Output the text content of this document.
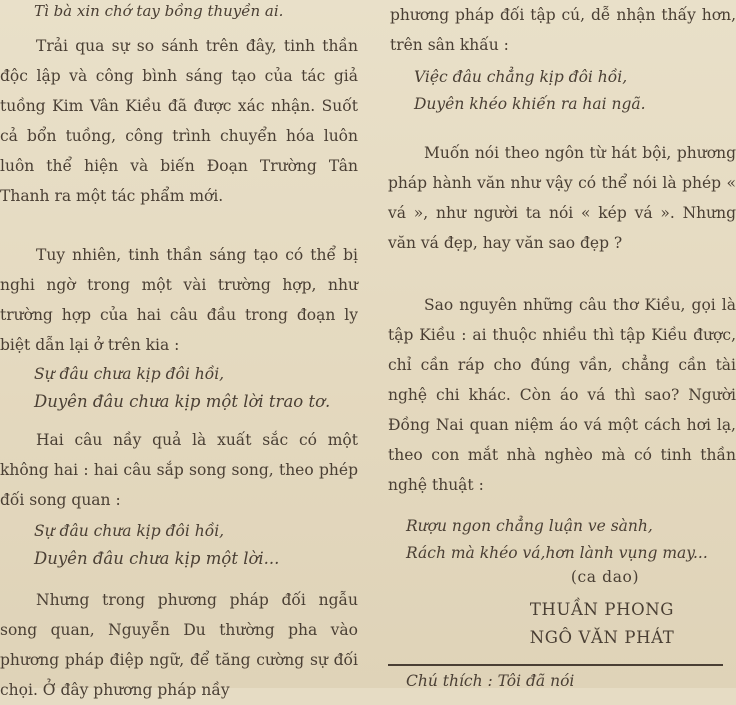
Tì bà xin chớ tay bồng thuyền ai.

Trải qua sự so sánh trên đây, tinh thần độc lập và công bình sáng tạo của tác giả tuồng Kim Vân Kiều đã được xác nhận. Suốt cả bổn tuồng, công trình chuyển hóa luôn luôn thể hiện và biến Đoạn Trường Tân Thanh ra một tác phẩm mới.

Tuy nhiên, tinh thần sáng tạo có thể bị nghi ngờ trong một vài trường hợp, như trường hợp của hai câu đầu trong đoạn ly biệt dẫn lại ở trên kia :

Sự đâu chưa kịp đôi hồi,
Duyên đâu chưa kịp một lời trao tơ.

Hai câu nầy quả là xuất sắc có một không hai : hai câu sắp song song, theo phép đối song quan :

Sự đâu chưa kịp đôi hồi,
Duyên đâu chưa kịp một lời...

Nhưng trong phương pháp đối ngẫu song quan, Nguyễn Du thường pha vào phương pháp điệp ngữ, để tăng cường sự đối chọi. Ở đây phương pháp nầy

phương pháp đối tập cú, dễ nhận thấy hơn, trên sân khấu :

Việc đâu chẳng kịp đôi hồi,
Duyên khéo khiến ra hai ngã.

Muốn nói theo ngôn từ hát bội, phương pháp hành văn như vậy có thể nói là phép « vá », như người ta nói « kép vá ». Nhưng văn vá đẹp, hay văn sao đẹp ?

Sao nguyên những câu thơ Kiều, gọi là tập Kiều : ai thuộc nhiều thì tập Kiều được, chỉ cần ráp cho đúng vần, chẳng cần tài nghệ chi khác. Còn áo vá thì sao? Người Đồng Nai quan niệm áo vá một cách hơi lạ, theo con mắt nhà nghèo mà có tinh thần nghệ thuật :

Rượu ngon chẳng luận ve sành,
Rách mà khéo vá,hơn lành vụng may...

(ca dao)

THUẦN PHONG

NGÔ VĂN PHÁT

Chú thích : Tôi đã nói
